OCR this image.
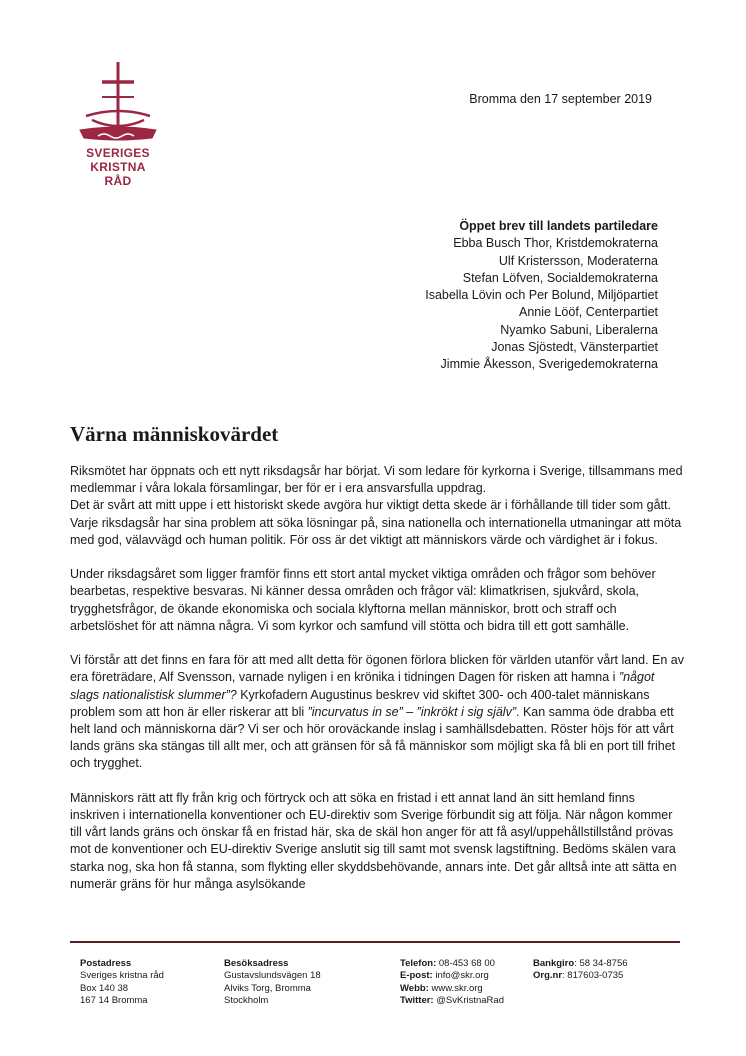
SVERIGES
KRISTNA RÅD
Bromma den 17 september 2019
Öppet brev till landets partiledare
Ebba Busch Thor, Kristdemokraterna
Ulf Kristersson, Moderaterna
Stefan Löfven, Socialdemokraterna
Isabella Lövin och Per Bolund, Miljöpartiet
Annie Lööf, Centerpartiet
Nyamko Sabuni, Liberalerna
Jonas Sjöstedt, Vänsterpartiet
Jimmie Åkesson, Sverigedemokraterna
Värna människovärdet

Riksmötet har öppnats och ett nytt riksdagsår har börjat. Vi som ledare för kyrkorna i Sverige, tillsammans med medlemmar i våra lokala församlingar, ber för er i era ansvarsfulla uppdrag.
Det är svårt att mitt uppe i ett historiskt skede avgöra hur viktigt detta skede är i förhållande till tider som gått. Varje riksdagsår har sina problem att söka lösningar på, sina nationella och internationella utmaningar att möta med god, välavvägd och human politik. För oss är det viktigt att människors värde och värdighet är i fokus.

Under riksdagsåret som ligger framför finns ett stort antal mycket viktiga områden och frågor som behöver bearbetas, respektive besvaras. Ni känner dessa områden och frågor väl: klimatkrisen, sjukvård, skola, trygghetsfrågor, de ökande ekonomiska och sociala klyftorna mellan människor, brott och straff och arbetslöshet för att nämna några. Vi som kyrkor och samfund vill stötta och bidra till ett gott samhälle.

Vi förstår att det finns en fara för att med allt detta för ögonen förlora blicken för världen utanför vårt land. En av era företrädare, Alf Svensson, varnade nyligen i en krönika i tidningen Dagen för risken att hamna i ”något slags nationalistisk slummer”? Kyrkofadern Augustinus beskrev vid skiftet 300- och 400-talet människans problem som att hon är eller riskerar att bli ”incurvatus in se” – ”inkrökt i sig själv”. Kan samma öde drabba ett helt land och människorna där? Vi ser och hör oroväckande inslag i samhällsdebatten. Röster höjs för att vårt lands gräns ska stängas till allt mer, och att gränsen för så få människor som möjligt ska få bli en port till frihet och trygghet.

Människors rätt att fly från krig och förtryck och att söka en fristad i ett annat land än sitt hemland finns inskriven i internationella konventioner och EU-direktiv som Sverige förbundit sig att följa. När någon kommer till vårt lands gräns och önskar få en fristad här, ska de skäl hon anger för att få asyl/uppehållstillstånd prövas mot de konventioner och EU-direktiv Sverige anslutit sig till samt mot svensk lagstiftning. Bedöms skälen vara starka nog, ska hon få stanna, som flykting eller skyddsbehövande, annars inte. Det går alltså inte att sätta en numerär gräns för hur många asylsökande

Postadress
Sveriges kristna råd
Box 140 38
167 14 Bromma
Besöksadress
Gustavslundsvägen 18
Alviks Torg, Bromma
Stockholm
Telefon: 08-453 68 00
E-post: info@skr.org
Webb: www.skr.org
Twitter: @SvKristnaRad
Bankgiro: 58 34-8756
Org.nr: 817603-0735
